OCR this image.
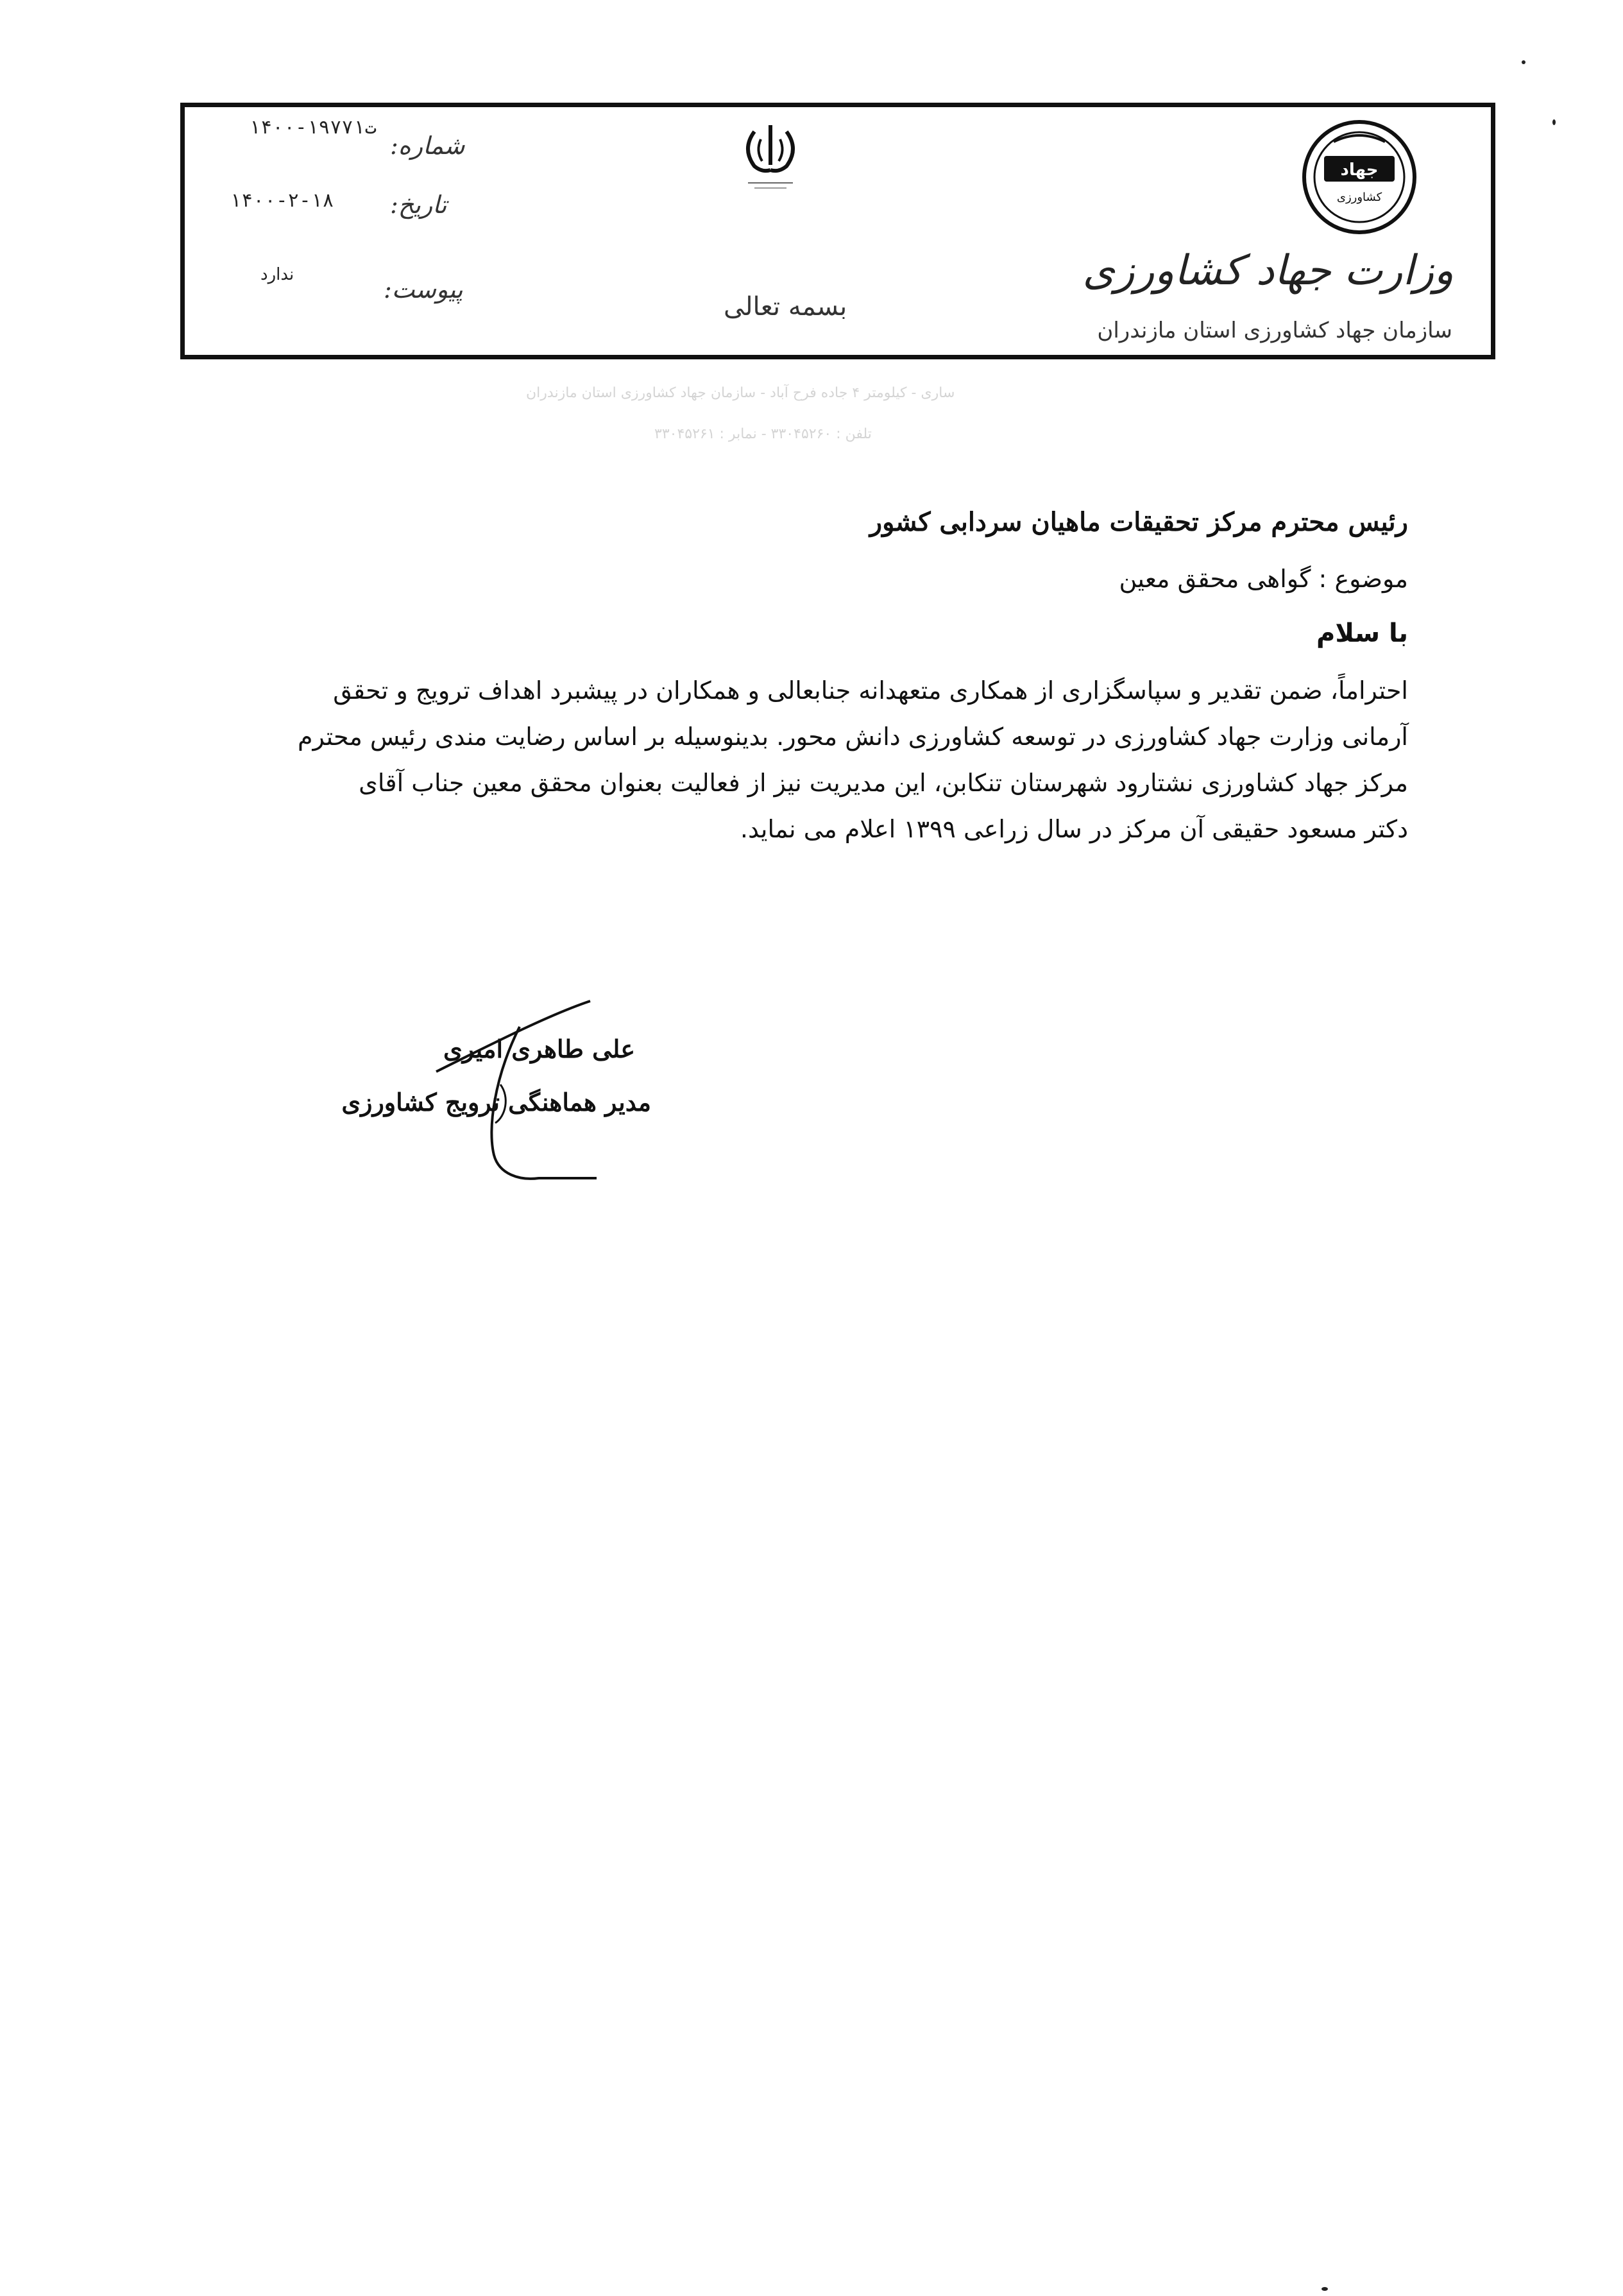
جهاد
کشاورزی
وزارت جهاد کشاورزی
سازمان جهاد کشاورزی استان مازندران
بسمه تعالی
شماره:
تاریخ:
پیوست:
۱۴۰۰-ت۱۹۷۷۱
۱۴۰۰-۲-۱۸
ندارد
ساری - کیلومتر ۴ جاده فرح آباد - سازمان جهاد کشاورزی استان مازندران
تلفن : ۳۳۰۴۵۲۶۰ - نمابر : ۳۳۰۴۵۲۶۱
رئیس محترم مرکز تحقیقات ماهیان سردابی کشور
موضوع : گواهی محقق معین
با سلام
احتراماً، ضمن تقدیر و سپاسگزاری از همکاری متعهدانه جنابعالی و همکاران در پیشبرد اهداف ترویج و تحقق
آرمانی وزارت جهاد کشاورزی در توسعه کشاورزی دانش محور. بدینوسیله بر اساس رضایت مندی رئیس محترم
مرکز جهاد کشاورزی نشتارود شهرستان تنکابن، این مدیریت نیز از فعالیت بعنوان محقق معین جناب آقای
دکتر مسعود حقیقی آن مرکز در سال زراعی ۱۳۹۹ اعلام می نماید.
علی طاهری امیری
مدیر هماهنگی ترویج کشاورزی
